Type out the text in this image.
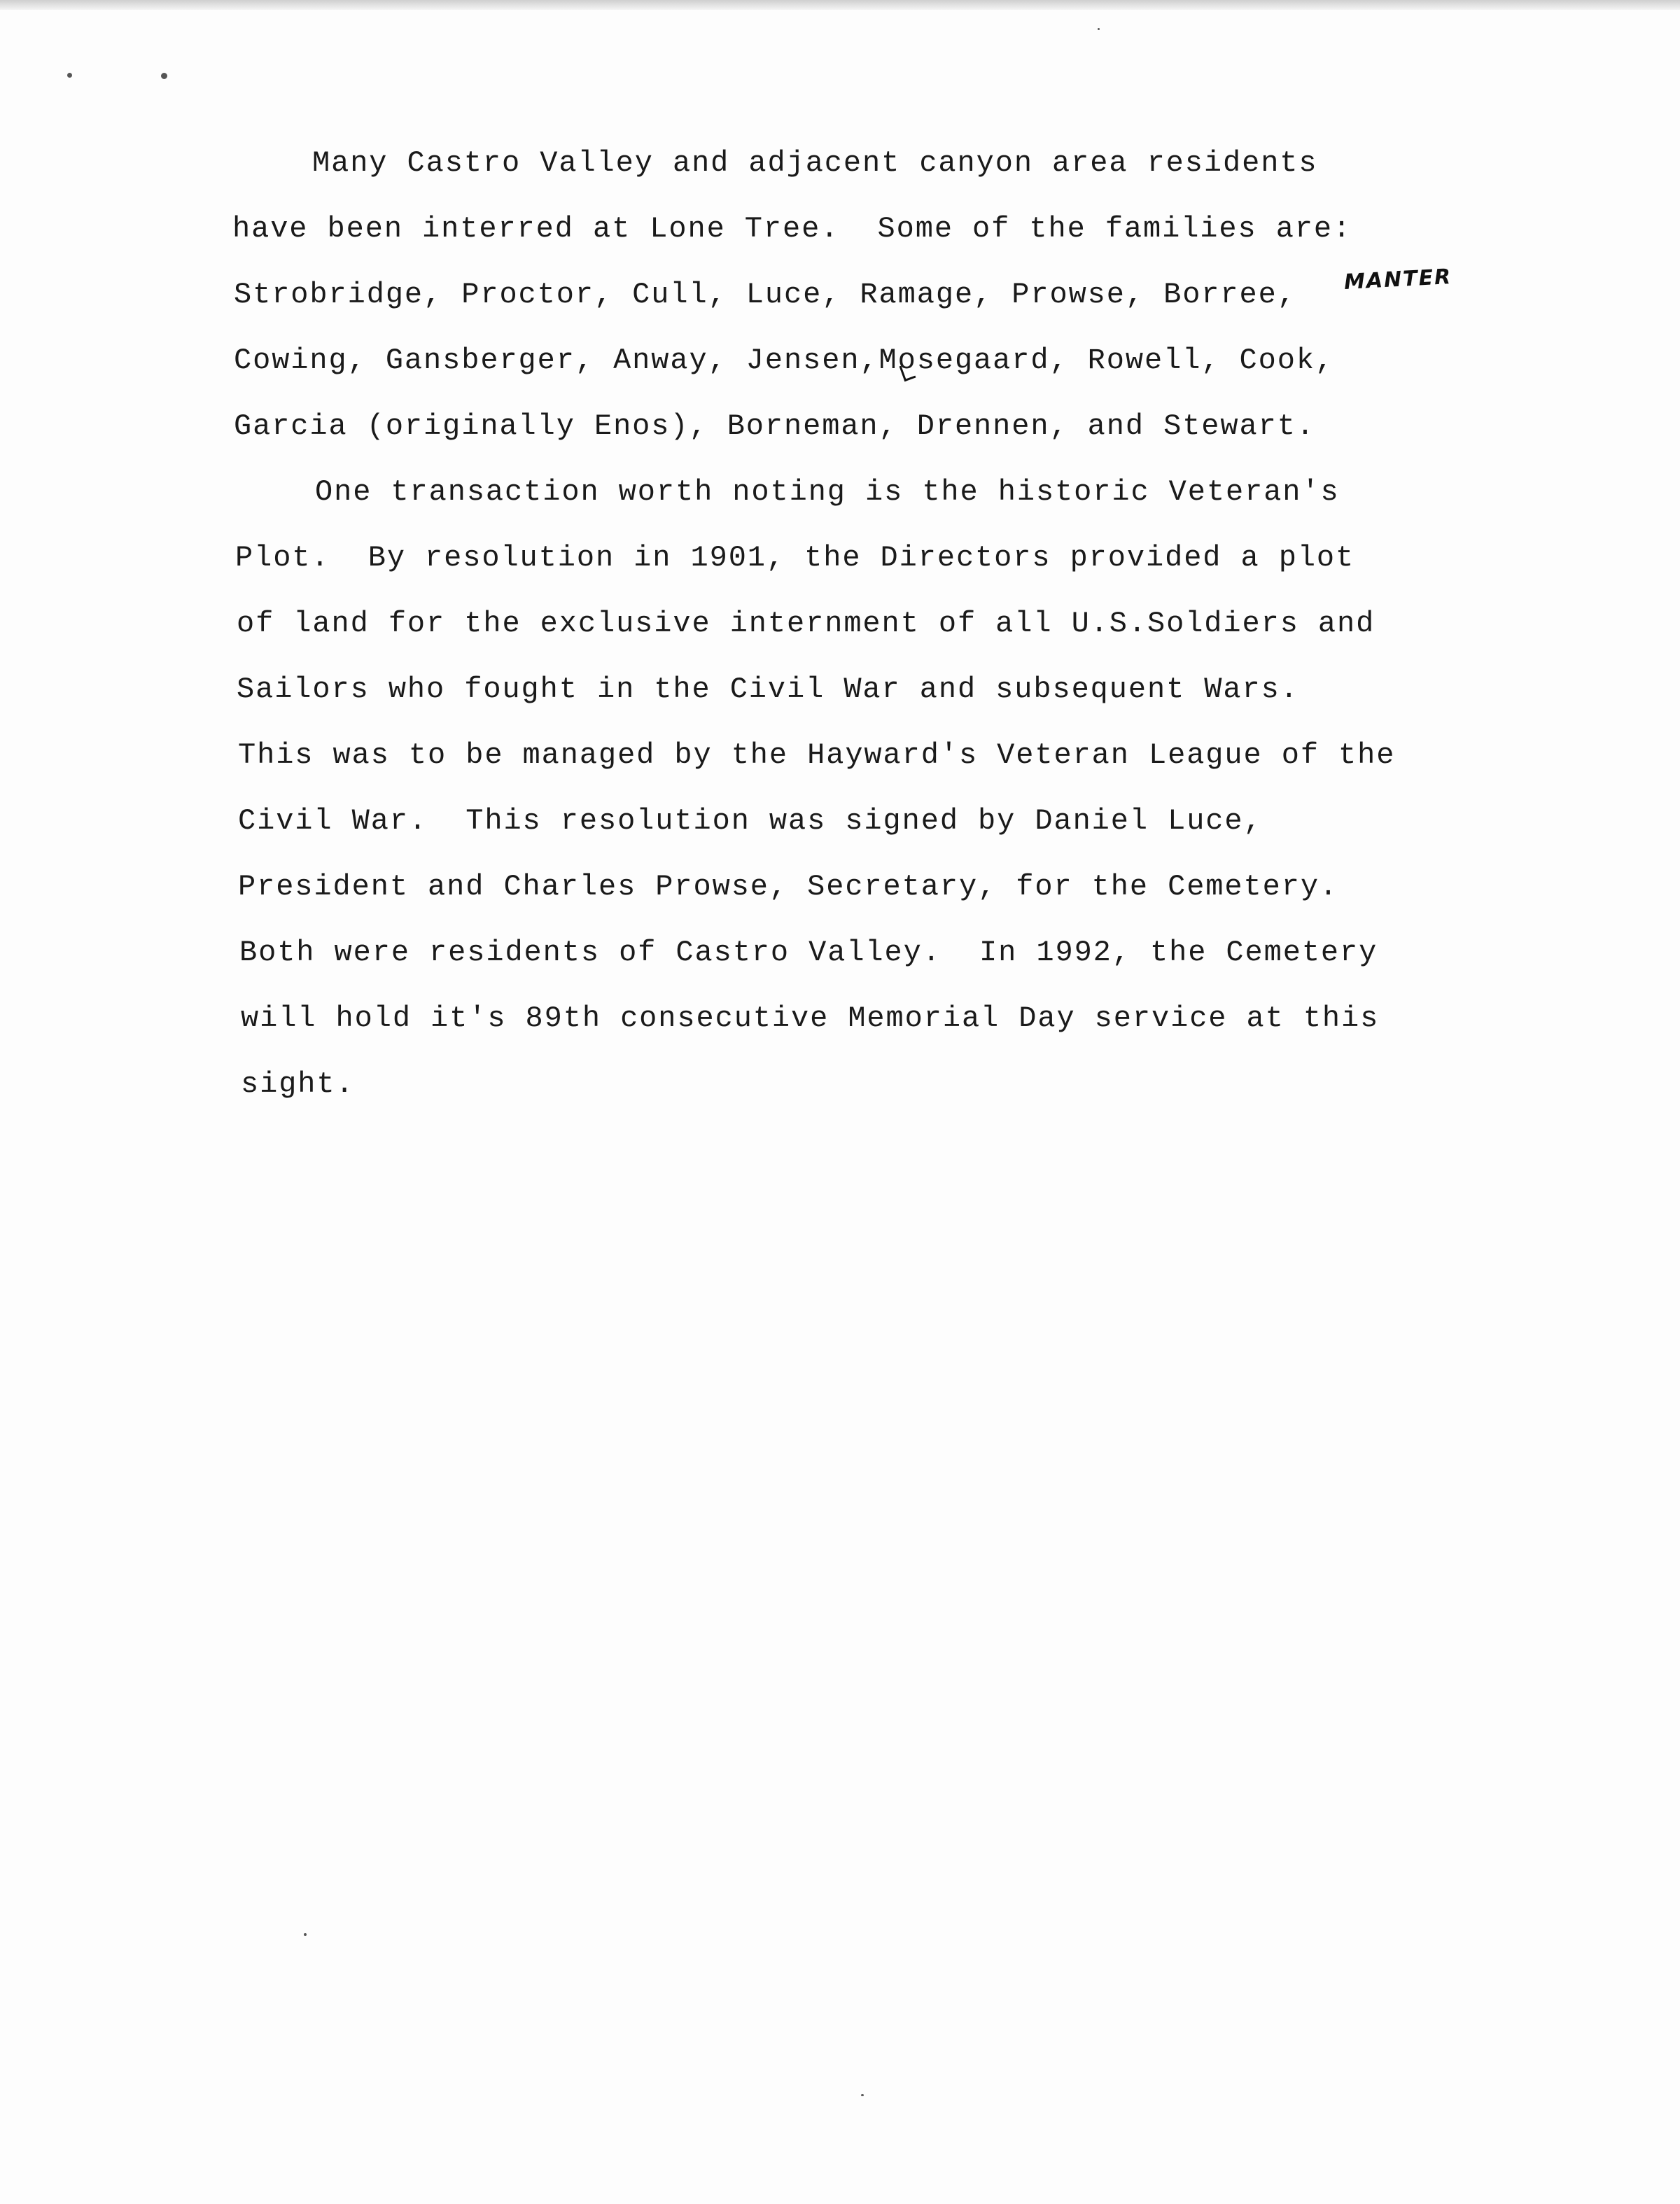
Many Castro Valley and adjacent canyon area residents

have been interred at Lone Tree.  Some of the families are:

Strobridge, Proctor, Cull, Luce, Ramage, Prowse, Borree,

Cowing, Gansberger, Anway, Jensen,Mosegaard, Rowell, Cook,

Garcia (originally Enos), Borneman, Drennen, and Stewart.

MANTER

One transaction worth noting is the historic Veteran's

Plot.  By resolution in 1901, the Directors provided a plot

of land for the exclusive internment of all U.S.Soldiers and

Sailors who fought in the Civil War and subsequent Wars.

This was to be managed by the Hayward's Veteran League of the

Civil War.  This resolution was signed by Daniel Luce,

President and Charles Prowse, Secretary, for the Cemetery.

Both were residents of Castro Valley.  In 1992, the Cemetery

will hold it's 89th consecutive Memorial Day service at this

sight.
